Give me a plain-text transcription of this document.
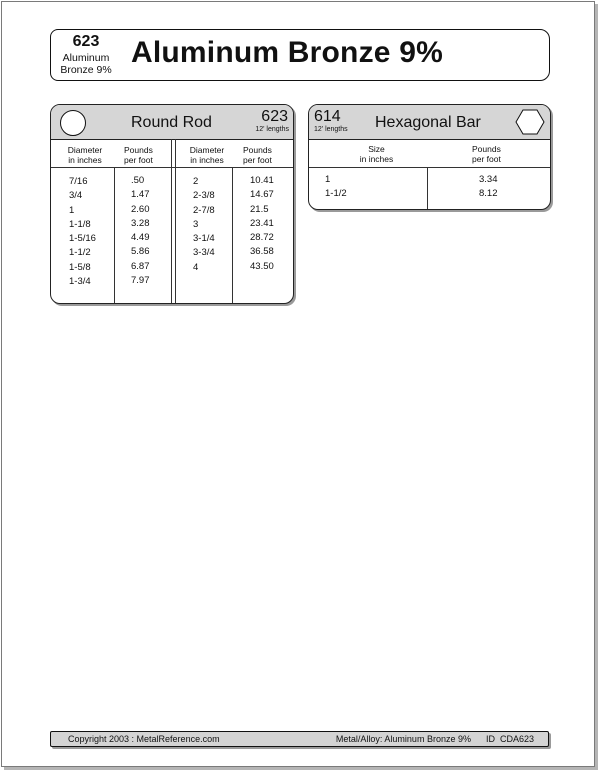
623
Aluminum
Bronze 9%
Aluminum Bronze 9%
Round Rod	623
12' lengths
Diameter
in inches
Pounds
per foot
Diameter
in inches
Pounds
per foot
7/16
3/4
1
1-1/8
1-5/16
1-1/2
1-5/8
1-3/4
.50
1.47
2.60
3.28
4.49
5.86
6.87
7.97
2
2-3/8
2-7/8
3
3-1/4
3-3/4
4
10.41
14.67
21.5
23.41
28.72
36.58
43.50
614
12' lengths Hexagonal Bar
Size
in inches
Pounds
per foot
1
1-1/2
3.34
8.12
Copyright 2003 : MetalReference.com	Metal/Alloy: Aluminum Bronze 9%      ID  CDA623
